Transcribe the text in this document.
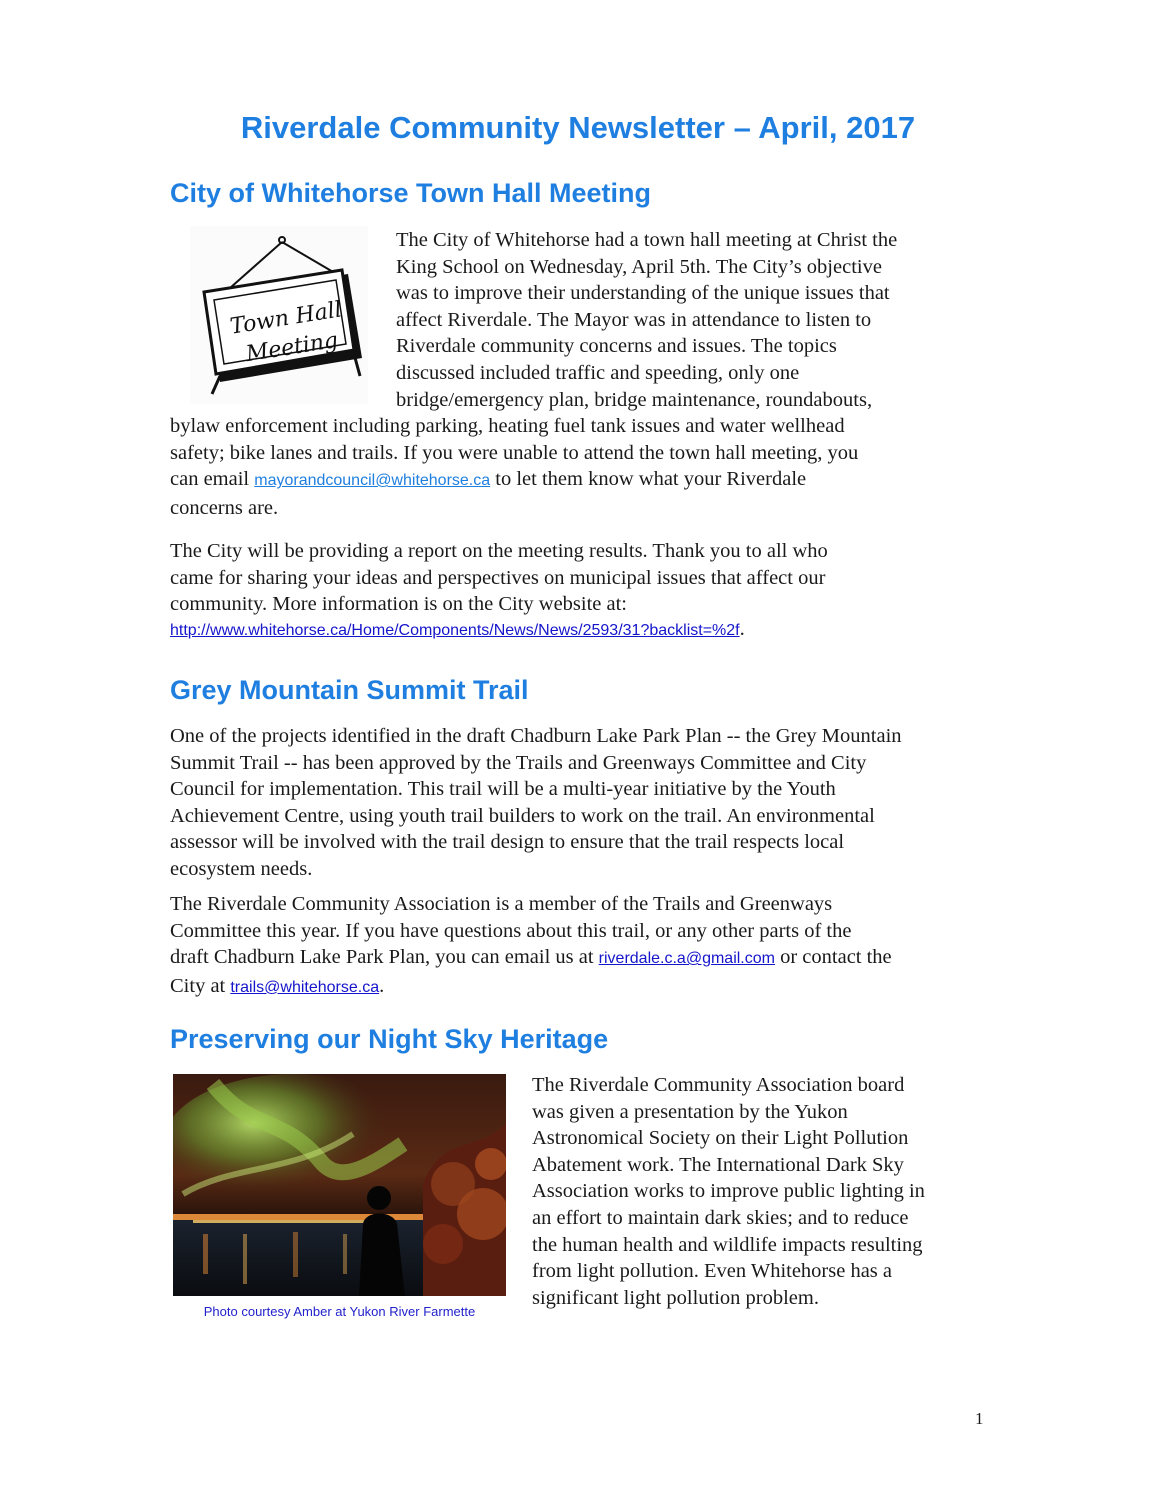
Riverdale Community Newsletter – April, 2017
City of Whitehorse Town Hall Meeting
Town Hall
Meeting
The City of Whitehorse had a town hall meeting at Christ the
King School on Wednesday, April 5th. The City’s objective
was to improve their understanding of the unique issues that
affect Riverdale. The Mayor was in attendance to listen to
Riverdale community concerns and issues. The topics
discussed included traffic and speeding, only one
bridge/emergency plan, bridge maintenance, roundabouts,
bylaw enforcement including parking, heating fuel tank issues and water wellhead
safety; bike lanes and trails. If you were unable to attend the town hall meeting, you
can email mayorandcouncil@whitehorse.ca to let them know what your Riverdale
concerns are.
The City will be providing a report on the meeting results. Thank you to all who
came for sharing your ideas and perspectives on municipal issues that affect our
community. More information is on the City website at:
http://www.whitehorse.ca/Home/Components/News/News/2593/31?backlist=%2f.
Grey Mountain Summit Trail
One of the projects identified in the draft Chadburn Lake Park Plan -- the Grey Mountain
Summit Trail -- has been approved by the Trails and Greenways Committee and City
Council for implementation. This trail will be a multi-year initiative by the Youth
Achievement Centre, using youth trail builders to work on the trail. An environmental
assessor will be involved with the trail design to ensure that the trail respects local
ecosystem needs.
The Riverdale Community Association is a member of the Trails and Greenways
Committee this year. If you have questions about this trail, or any other parts of the
draft Chadburn Lake Park Plan, you can email us at riverdale.c.a@gmail.com or contact the
City at trails@whitehorse.ca.
Preserving our Night Sky Heritage

Photo courtesy Amber at Yukon River Farmette

The Riverdale Community Association board
was given a presentation by the Yukon
Astronomical Society on their Light Pollution
Abatement work. The International Dark Sky
Association works to improve public lighting in
an effort to maintain dark skies; and to reduce
the human health and wildlife impacts resulting
from light pollution. Even Whitehorse has a
significant light pollution problem.

1
